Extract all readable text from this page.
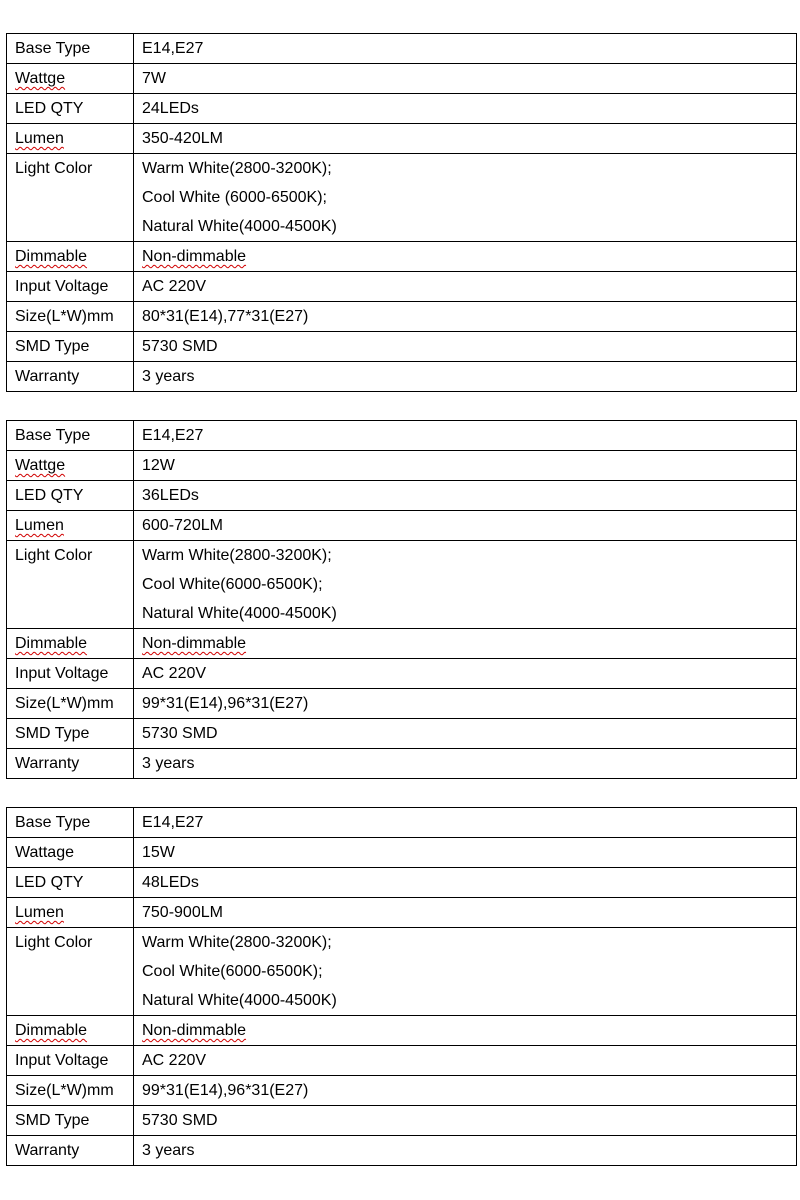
Base Type	E14,E27
Wattge	7W
LED QTY	24LEDs
Lumen	350-420LM
Light Color	Warm White(2800-3200K);
Cool White (6000-6500K);
Natural White(4000-4500K)

Dimmable	Non-dimmable
Input Voltage	AC 220V
Size(L*W)mm	80*31(E14),77*31(E27)
SMD Type	5730 SMD
Warranty	3 years
Base Type	E14,E27
Wattge	12W
LED QTY	36LEDs
Lumen	600-720LM
Light Color	Warm White(2800-3200K);
Cool White(6000-6500K);
Natural White(4000-4500K)

Dimmable	Non-dimmable
Input Voltage	AC 220V
Size(L*W)mm	99*31(E14),96*31(E27)
SMD Type	5730 SMD
Warranty	3 years
Base Type	E14,E27
Wattage	15W
LED QTY	48LEDs
Lumen	750-900LM
Light Color	Warm White(2800-3200K);
Cool White(6000-6500K);
Natural White(4000-4500K)

Dimmable	Non-dimmable
Input Voltage	AC 220V
Size(L*W)mm	99*31(E14),96*31(E27)
SMD Type	5730 SMD
Warranty	3 years
